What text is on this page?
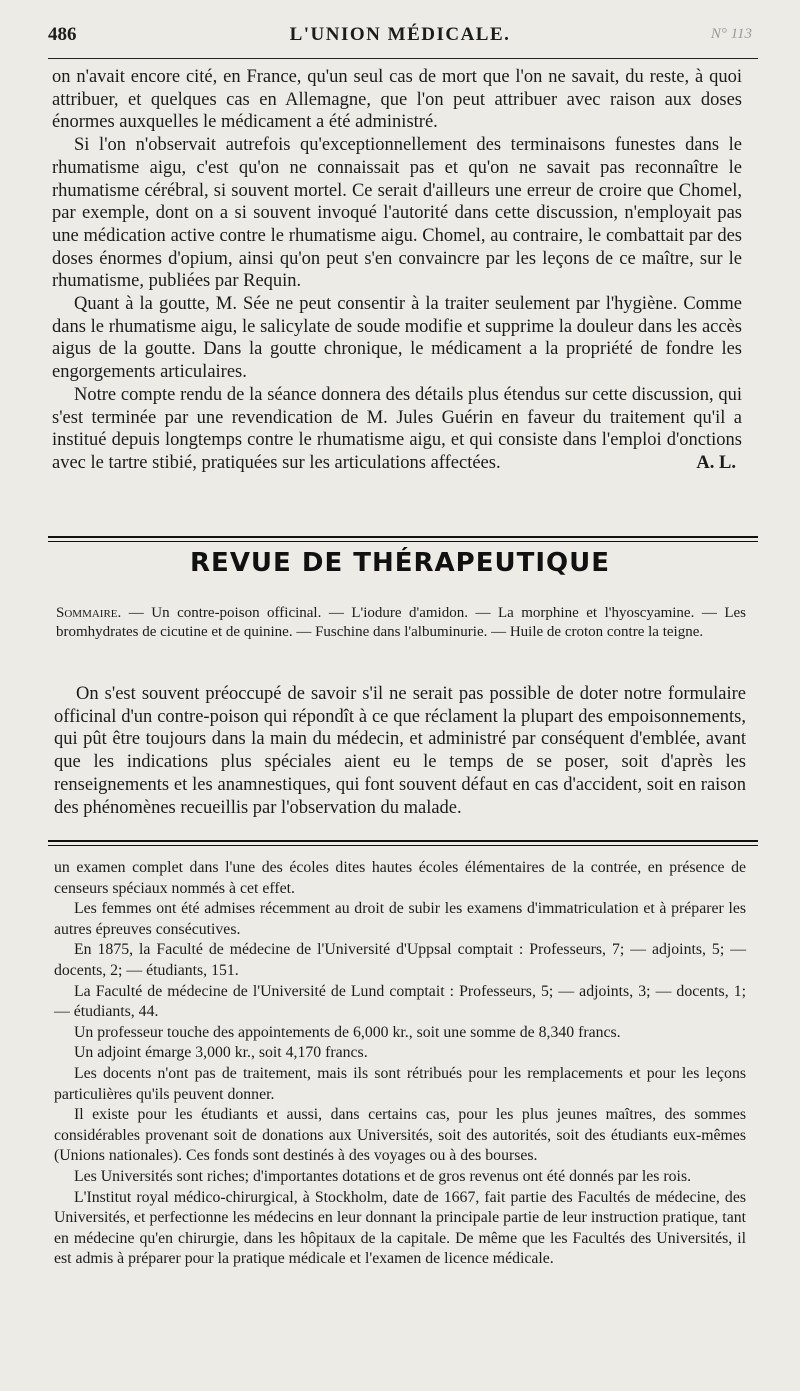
486	L'UNION MÉDICALE.	N° 113

on n'avait encore cité, en France, qu'un seul cas de mort que l'on ne savait, du reste, à quoi attribuer, et quelques cas en Allemagne, que l'on peut attribuer avec raison aux doses énormes auxquelles le médicament a été administré.

Si l'on n'observait autrefois qu'exceptionnellement des terminaisons funestes dans le rhumatisme aigu, c'est qu'on ne connaissait pas et qu'on ne savait pas reconnaître le rhumatisme cérébral, si souvent mortel. Ce serait d'ailleurs une erreur de croire que Chomel, par exemple, dont on a si souvent invoqué l'autorité dans cette discussion, n'employait pas une médication active contre le rhumatisme aigu. Chomel, au contraire, le combattait par des doses énormes d'opium, ainsi qu'on peut s'en convaincre par les leçons de ce maître, sur le rhumatisme, publiées par Requin.

Quant à la goutte, M. Sée ne peut consentir à la traiter seulement par l'hygiène. Comme dans le rhumatisme aigu, le salicylate de soude modifie et supprime la douleur dans les accès aigus de la goutte. Dans la goutte chronique, le médicament a la propriété de fondre les engorgements articulaires.

Notre compte rendu de la séance donnera des détails plus étendus sur cette discussion, qui s'est terminée par une revendication de M. Jules Guérin en faveur du traitement qu'il a institué depuis longtemps contre le rhumatisme aigu, et qui consiste dans l'emploi d'onctions avec le tartre stibié, pratiquées sur les articulations affectées.	A. L.
REVUE DE THÉRAPEUTIQUE
Sommaire. — Un contre-poison officinal. — L'iodure d'amidon. — La morphine et l'hyoscyamine. — Les bromhydrates de cicutine et de quinine. — Fuschine dans l'albuminurie. — Huile de croton contre la teigne.

On s'est souvent préoccupé de savoir s'il ne serait pas possible de doter notre formulaire officinal d'un contre-poison qui répondît à ce que réclament la plupart des empoisonnements, qui pût être toujours dans la main du médecin, et administré par conséquent d'emblée, avant que les indications plus spéciales aient eu le temps de se poser, soit d'après les renseignements et les anamnestiques, qui font souvent défaut en cas d'accident, soit en raison des phénomènes recueillis par l'observation du malade.

un examen complet dans l'une des écoles dites hautes écoles élémentaires de la contrée, en présence de censeurs spéciaux nommés à cet effet.

Les femmes ont été admises récemment au droit de subir les examens d'immatriculation et à préparer les autres épreuves consécutives.

En 1875, la Faculté de médecine de l'Université d'Uppsal comptait : Professeurs, 7; — adjoints, 5; — docents, 2; — étudiants, 151.

La Faculté de médecine de l'Université de Lund comptait : Professeurs, 5; — adjoints, 3; — docents, 1; — étudiants, 44.

Un professeur touche des appointements de 6,000 kr., soit une somme de 8,340 francs.

Un adjoint émarge 3,000 kr., soit 4,170 francs.

Les docents n'ont pas de traitement, mais ils sont rétribués pour les remplacements et pour les leçons particulières qu'ils peuvent donner.

Il existe pour les étudiants et aussi, dans certains cas, pour les plus jeunes maîtres, des sommes considérables provenant soit de donations aux Universités, soit des autorités, soit des étudiants eux-mêmes (Unions nationales). Ces fonds sont destinés à des voyages ou à des bourses.

Les Universités sont riches; d'importantes dotations et de gros revenus ont été donnés par les rois.

L'Institut royal médico-chirurgical, à Stockholm, date de 1667, fait partie des Facultés de médecine, des Universités, et perfectionne les médecins en leur donnant la principale partie de leur instruction pratique, tant en médecine qu'en chirurgie, dans les hôpitaux de la capitale. De même que les Facultés des Universités, il est admis à préparer pour la pratique médicale et l'examen de licence médicale.
